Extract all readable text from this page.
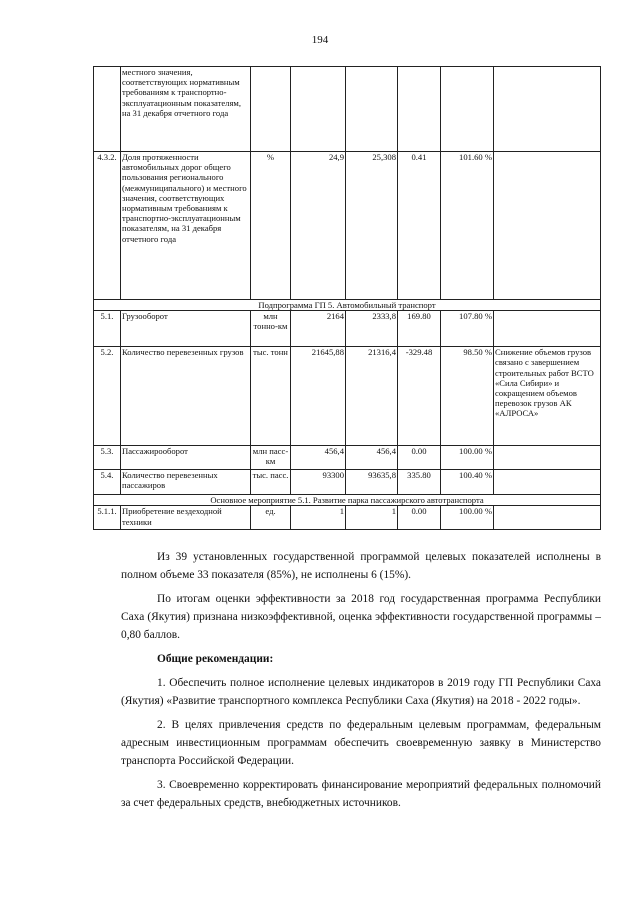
194
	местного значения, соответствующих нормативным требованиям к транспортно-эксплуатационным показателям, на 31 декабря отчетного года						
4.3.2.	Доля протяженности автомобильных дорог общего пользования регионального (межмуниципального) и местного значения, соответствующих нормативным требованиям к транспортно-эксплуатационным показателям, на 31 декабря отчетного года	%	24,9	25,308	0.41	101.60 %	
Подпрограмма ГП 5. Автомобильный транспорт							
5.1.	Грузооборот	млн тонно-км	2164	2333,8	169.80	107.80 %	
5.2.	Количество перевезенных грузов	тыс. тонн	21645,88	21316,4	-329.48	98.50 %	Снижение объемов грузов связано с завершением строительных работ ВСТО «Сила Сибири» и сокращением объемов перевозок грузов АК «АЛРОСА»
5.3.	Пассажирооборот	млн пасс-км	456,4	456,4	0.00	100.00 %	
5.4.	Количество перевезенных пассажиров	тыс. пасс.	93300	93635,8	335.80	100.40 %	
Основное мероприятие 5.1. Развитие парка пассажирского автотранспорта							
5.1.1.	Приобретение вездеходной техники	ед.	1	1	0.00	100.00 %	

Из 39 установленных государственной программой целевых показателей исполнены в полном объеме 33 показателя (85%), не исполнены 6 (15%).

По итогам оценки эффективности за 2018 год государственная программа Республики Саха (Якутия) признана низкоэффективной, оценка эффективности государственной программы – 0,80 баллов.

Общие рекомендации:

1. Обеспечить полное исполнение целевых индикаторов в 2019 году ГП Республики Саха (Якутия) «Развитие транспортного комплекса Республики Саха (Якутия) на 2018 - 2022 годы».

2. В целях привлечения средств по федеральным целевым программам, федеральным адресным инвестиционным программам обеспечить своевременную заявку в Министерство транспорта Российской Федерации.

3. Своевременно корректировать финансирование мероприятий федеральных полномочий за счет федеральных средств, внебюджетных источников.
